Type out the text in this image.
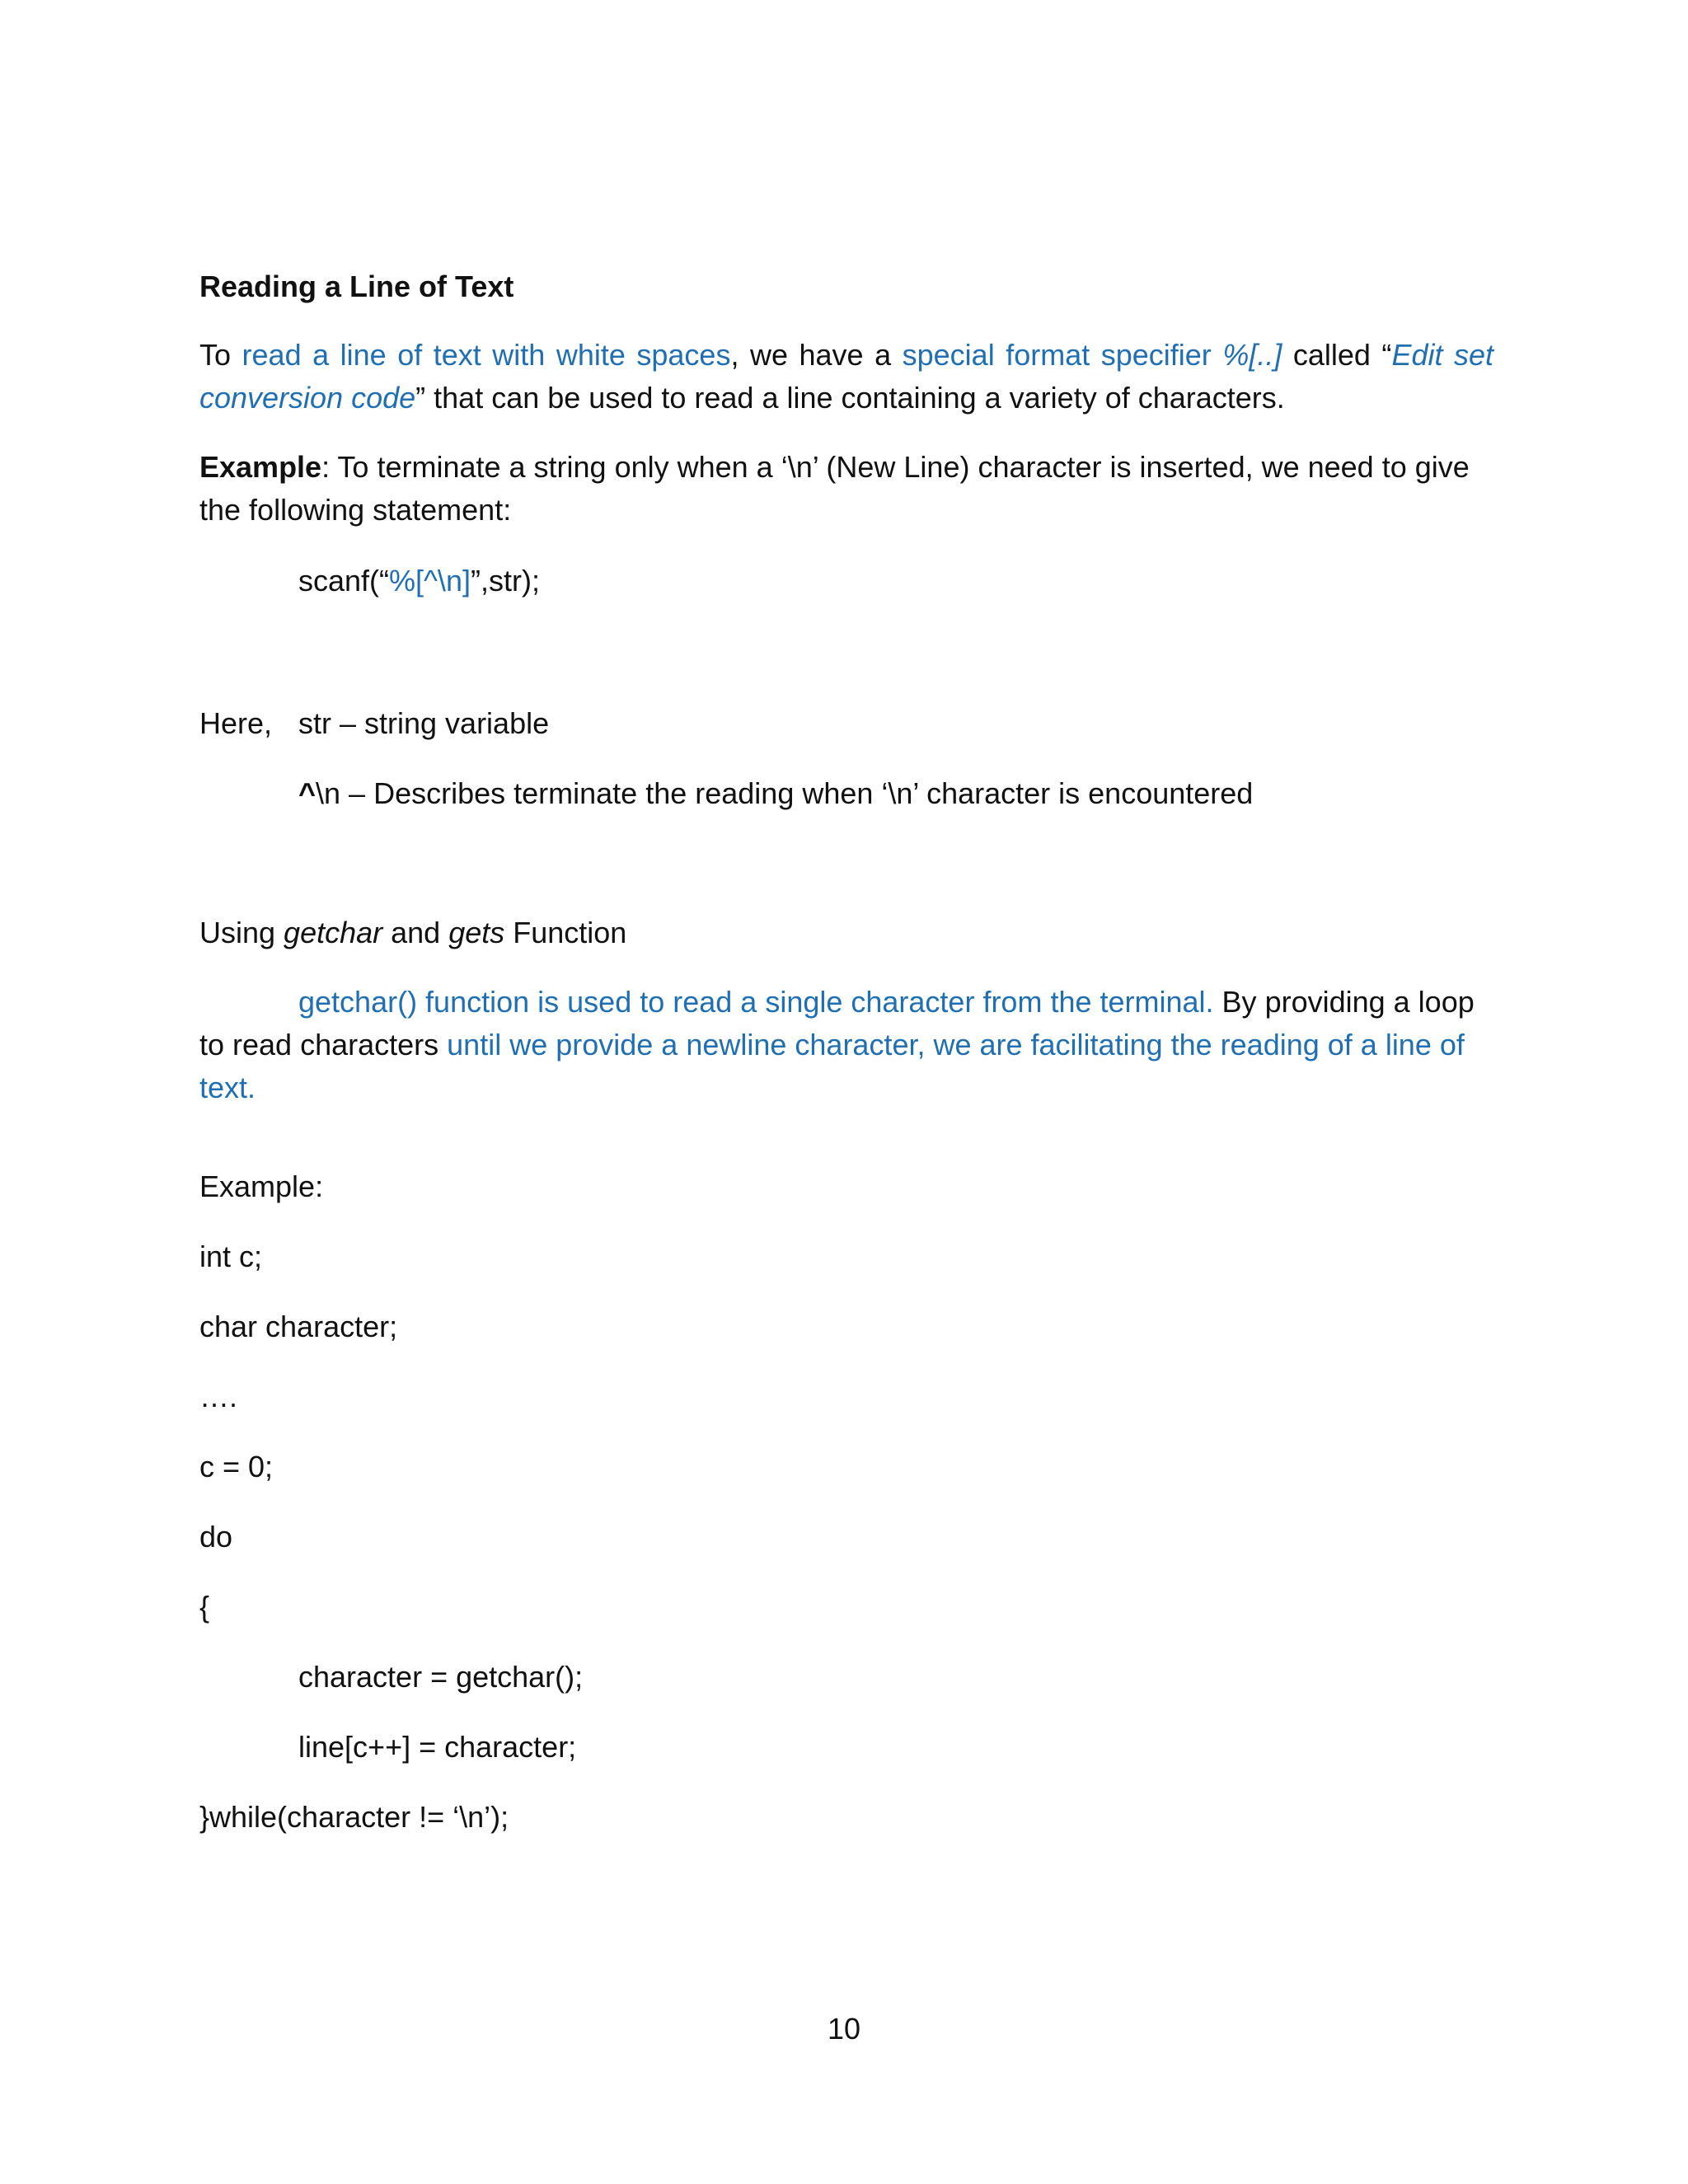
Reading a Line of Text
To read a line of text with white spaces, we have a special format specifier %[..] called “Edit set conversion code” that can be used to read a line containing a variety of characters.
Example: To terminate a string only when a ‘\n’ (New Line) character is inserted, we need to give the following statement:
scanf(“%[^\n]”,str);
Here, str – string variable
^\n – Describes terminate the reading when ‘\n’ character is encountered
Using getchar and gets Function
getchar() function is used to read a single character from the terminal. By providing a loop to read characters until we provide a newline character, we are facilitating the reading of a line of text.
Example:
int c;
char character;
….
c = 0;
do
{
character = getchar();
line[c++] = character;
}while(character != ‘\n’);
10
